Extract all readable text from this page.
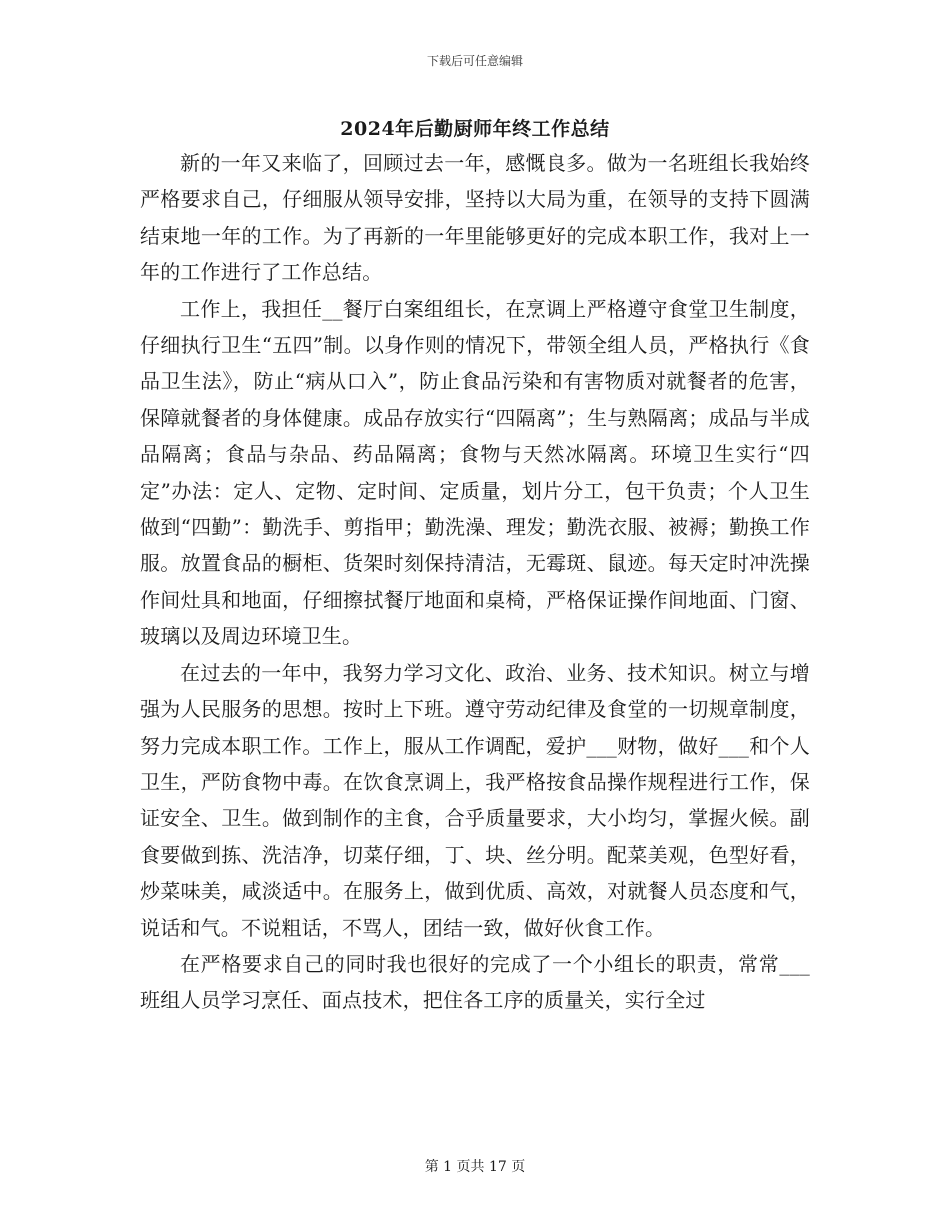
下载后可任意编辑
2024年后勤厨师年终工作总结

新的一年又来临了，回顾过去一年，感慨良多。做为一名班组长我始终严格要求自己，仔细服从领导安排，坚持以大局为重，在领导的支持下圆满结束地一年的工作。为了再新的一年里能够更好的完成本职工作，我对上一年的工作进行了工作总结。

工作上，我担任__餐厅白案组组长，在烹调上严格遵守食堂卫生制度，仔细执行卫生“五四”制。以身作则的情况下，带领全组人员，严格执行《食品卫生法》，防止“病从口入”，防止食品污染和有害物质对就餐者的危害，保障就餐者的身体健康。成品存放实行“四隔离”；生与熟隔离；成品与半成品隔离；食品与杂品、药品隔离；食物与天然冰隔离。环境卫生实行“四定”办法：定人、定物、定时间、定质量，划片分工，包干负责；个人卫生做到“四勤”：勤洗手、剪指甲；勤洗澡、理发；勤洗衣服、被褥；勤换工作服。放置食品的橱柜、货架时刻保持清洁，无霉斑、鼠迹。每天定时冲洗操作间灶具和地面，仔细擦拭餐厅地面和桌椅，严格保证操作间地面、门窗、玻璃以及周边环境卫生。

在过去的一年中，我努力学习文化、政治、业务、技术知识。树立与增强为人民服务的思想。按时上下班。遵守劳动纪律及食堂的一切规章制度，努力完成本职工作。工作上，服从工作调配，爱护___财物，做好___和个人卫生，严防食物中毒。在饮食烹调上，我严格按食品操作规程进行工作，保证安全、卫生。做到制作的主食，合乎质量要求，大小均匀，掌握火候。副食要做到拣、洗洁净，切菜仔细，丁、块、丝分明。配菜美观，色型好看，炒菜味美，咸淡适中。在服务上，做到优质、高效，对就餐人员态度和气，说话和气。不说粗话，不骂人，团结一致，做好伙食工作。

在严格要求自己的同时我也很好的完成了一个小组长的职责，常常___班组人员学习烹任、面点技术，把住各工序的质量关，实行全过

第 1 页共 17 页
